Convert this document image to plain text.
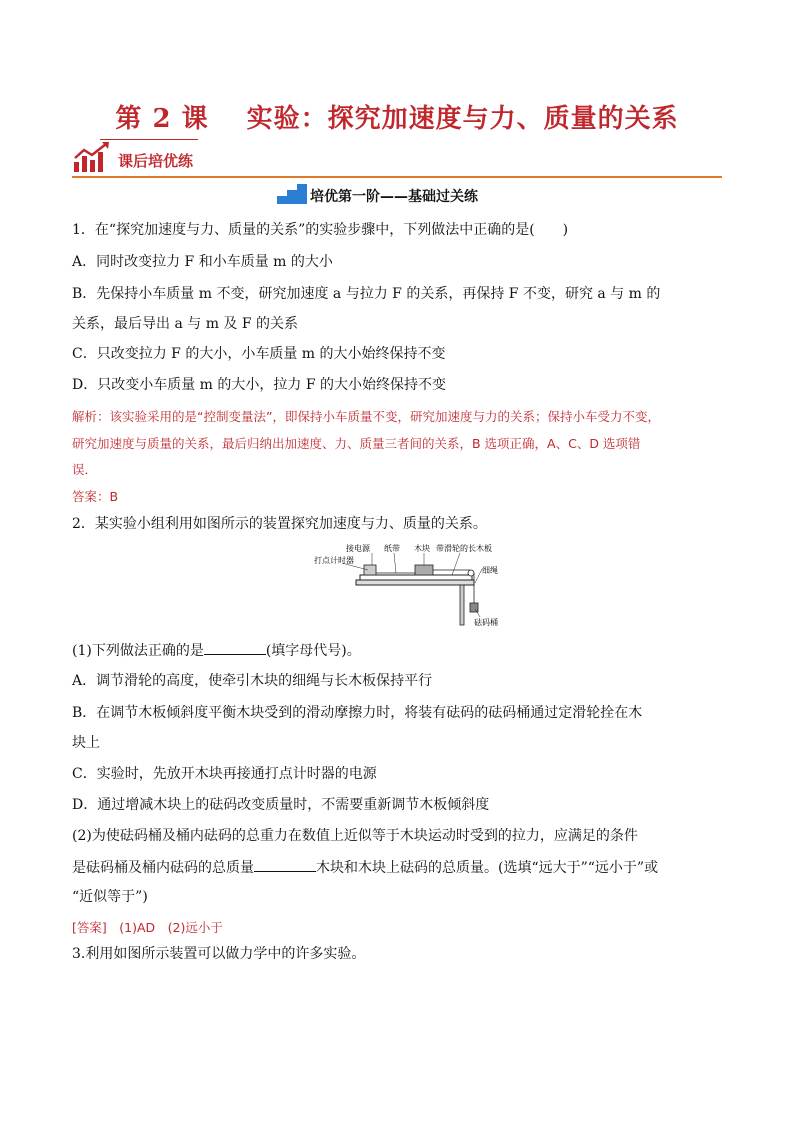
第 2 课 实验：探究加速度与力、质量的关系
课后培优练
培优第一阶——基础过关练
1．在“探究加速度与力、质量的关系”的实验步骤中，下列做法中正确的是(　　)
A．同时改变拉力 F 和小车质量 m 的大小
B．先保持小车质量 m 不变，研究加速度 a 与拉力 F 的关系，再保持 F 不变，研究 a 与 m 的
关系，最后导出 a 与 m 及 F 的关系
C．只改变拉力 F 的大小，小车质量 m 的大小始终保持不变
D．只改变小车质量 m 的大小，拉力 F 的大小始终保持不变
解析：该实验采用的是“控制变量法”，即保持小车质量不变，研究加速度与力的关系；保持小车受力不变，
研究加速度与质量的关系，最后归纳出加速度、力、质量三者间的关系，B 选项正确，A、C、D 选项错
误．
答案：B
2．某实验小组利用如图所示的装置探究加速度与力、质量的关系。
接电源 纸带 木块 带滑轮的长木板
打点计时器
细绳
砝码桶
(1)下列做法正确的是	(填字母代号)。
A．调节滑轮的高度，使牵引木块的细绳与长木板保持平行
B．在调节木板倾斜度平衡木块受到的滑动摩擦力时，将装有砝码的砝码桶通过定滑轮拴在木
块上
C．实验时，先放开木块再接通打点计时器的电源
D．通过增减木块上的砝码改变质量时，不需要重新调节木板倾斜度
(2)为使砝码桶及桶内砝码的总重力在数值上近似等于木块运动时受到的拉力，应满足的条件
是砝码桶及桶内砝码的总质量	木块和木块上砝码的总质量。(选填“远大于”“远小于”或
“近似等于”)
[答案]　(1)AD　(2)远小于
3.利用如图所示装置可以做力学中的许多实验。
